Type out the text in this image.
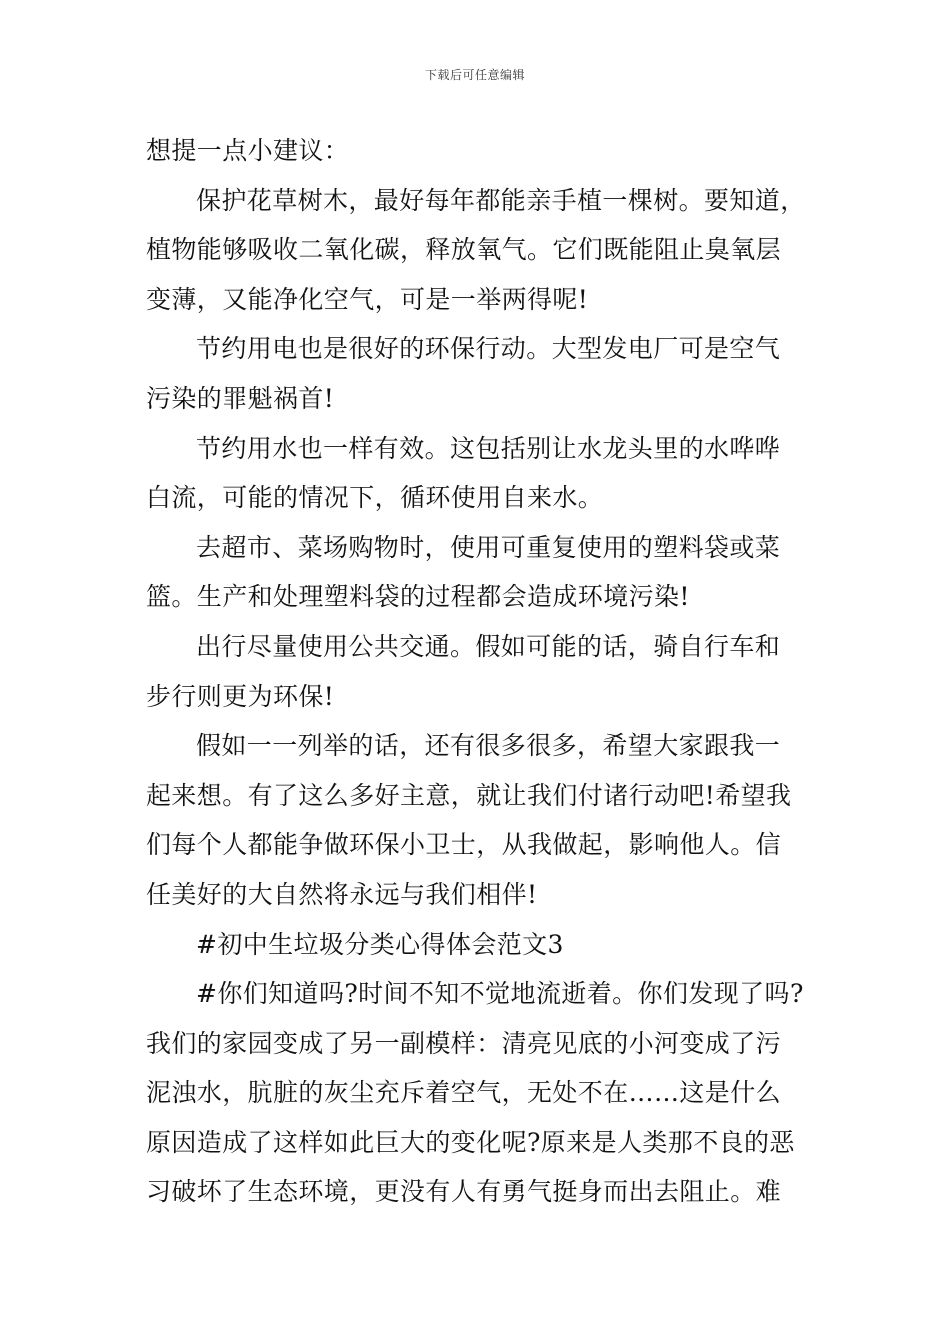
下载后可任意编辑
想提一点小建议：
保护花草树木，最好每年都能亲手植一棵树。要知道，
植物能够吸收二氧化碳，释放氧气。它们既能阻止臭氧层
变薄，又能净化空气，可是一举两得呢!
节约用电也是很好的环保行动。大型发电厂可是空气
污染的罪魁祸首!
节约用水也一样有效。这包括别让水龙头里的水哗哗
白流，可能的情况下，循环使用自来水。
去超市、菜场购物时，使用可重复使用的塑料袋或菜
篮。生产和处理塑料袋的过程都会造成环境污染!
出行尽量使用公共交通。假如可能的话，骑自行车和
步行则更为环保!
假如一一列举的话，还有很多很多，希望大家跟我一
起来想。有了这么多好主意，就让我们付诸行动吧!希望我
们每个人都能争做环保小卫士，从我做起，影响他人。信
任美好的大自然将永远与我们相伴!
#初中生垃圾分类心得体会范文3
#你们知道吗?时间不知不觉地流逝着。你们发现了吗?
我们的家园变成了另一副模样：清亮见底的小河变成了污
泥浊水，肮脏的灰尘充斥着空气，无处不在……这是什么
原因造成了这样如此巨大的变化呢?原来是人类那不良的恶
习破坏了生态环境，更没有人有勇气挺身而出去阻止。难
